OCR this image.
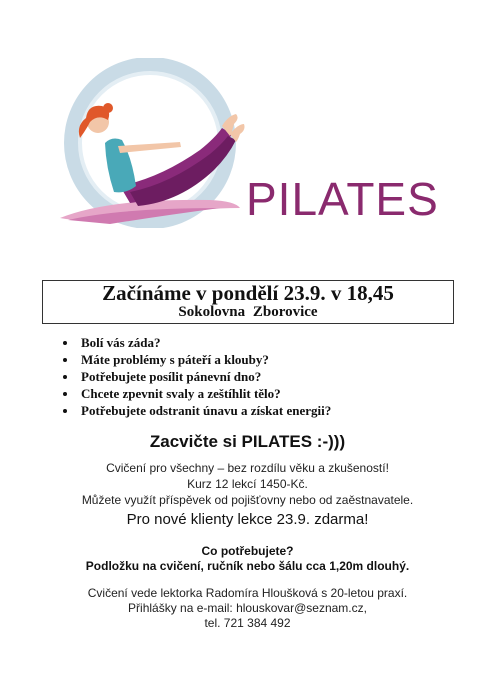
PILATES
Začínáme v pondělí 23.9. v 18,45
Sokolovna Zborovice
• Bolí vás záda?
• Máte problémy s páteří a klouby?
• Potřebujete posílit pánevní dno?
• Chcete zpevnit svaly a zeštíhlit tělo?
• Potřebujete odstranit únavu a získat energii?
Zacvičte si PILATES :-)))
Cvičení pro všechny – bez rozdílu věku a zkušeností!
Kurz 12 lekcí 1450-Kč.
Můžete využít příspěvek od pojišťovny nebo od zaěstnavatele.
Pro nové klienty lekce 23.9. zdarma!
Co potřebujete?
Podložku na cvičení, ručník nebo šálu cca 1,20m dlouhý.
Cvičení vede lektorka Radomíra Hloušková s 20-letou praxí.
Přihlášky na e-mail: hlouskovar@seznam.cz,
tel. 721 384 492
